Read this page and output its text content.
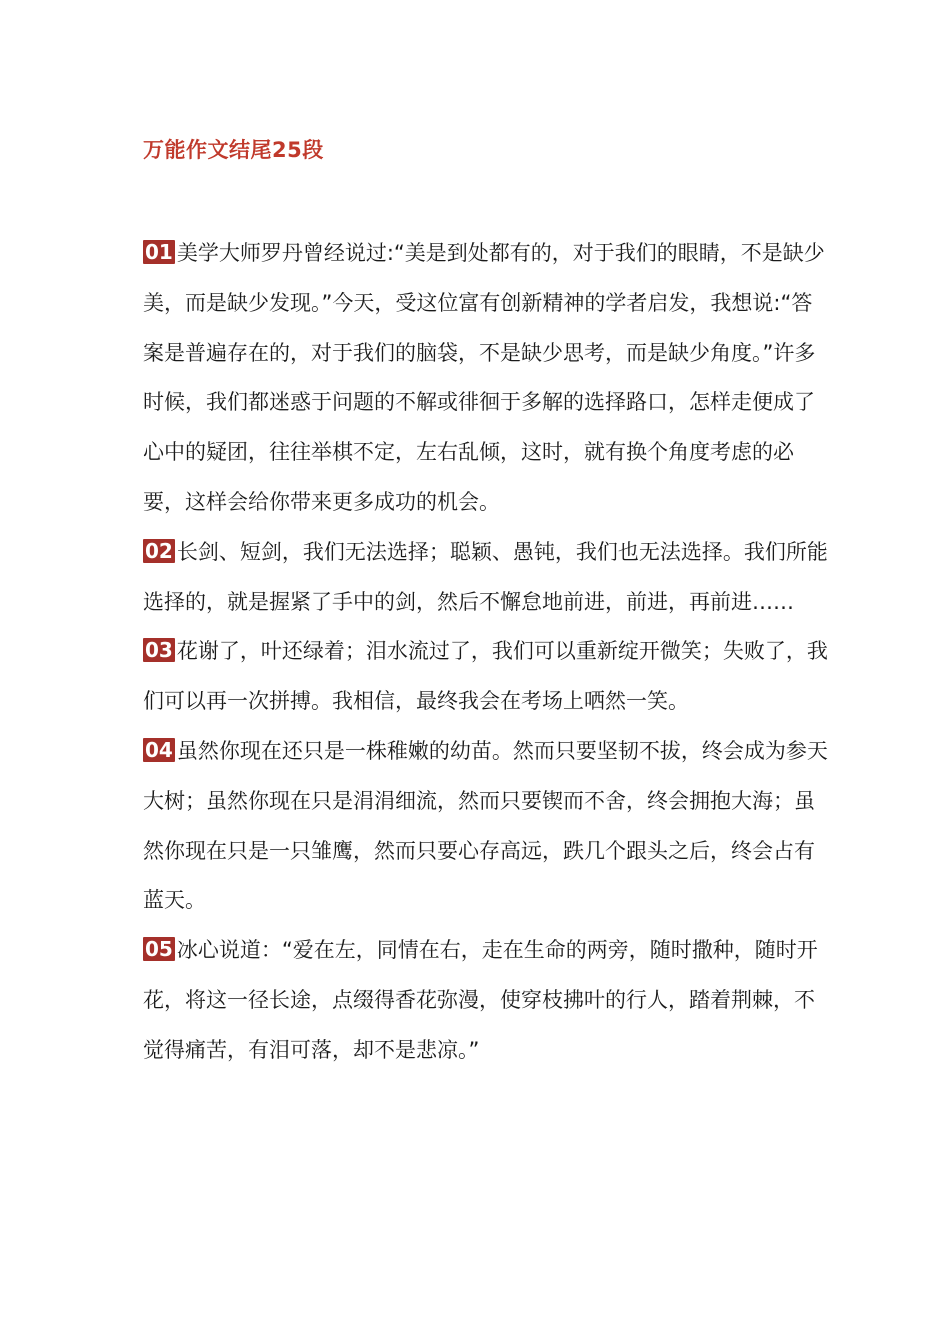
万能作文结尾25段

01 美学大师罗丹曾经说过:“美是到处都有的，对于我们的眼睛，不是缺少美，而是缺少发现。”今天，受这位富有创新精神的学者启发，我想说:“答案是普遍存在的，对于我们的脑袋，不是缺少思考，而是缺少角度。”许多时候，我们都迷惑于问题的不解或徘徊于多解的选择路口，怎样走便成了心中的疑团，往往举棋不定，左右乱倾，这时，就有换个角度考虑的必要，这样会给你带来更多成功的机会。

02 长剑、短剑，我们无法选择；聪颖、愚钝，我们也无法选择。我们所能选择的，就是握紧了手中的剑，然后不懈怠地前进，前进，再前进……

03 花谢了，叶还绿着；泪水流过了，我们可以重新绽开微笑；失败了，我们可以再一次拼搏。我相信，最终我会在考场上哂然一笑。

04 虽然你现在还只是一株稚嫩的幼苗。然而只要坚韧不拔，终会成为参天大树；虽然你现在只是涓涓细流，然而只要锲而不舍，终会拥抱大海；虽然你现在只是一只雏鹰，然而只要心存高远，跌几个跟头之后，终会占有蓝天。

05 冰心说道：“爱在左，同情在右，走在生命的两旁，随时撒种，随时开花，将这一径长途，点缀得香花弥漫，使穿枝拂叶的行人，踏着荆棘，不觉得痛苦，有泪可落，却不是悲凉。”
